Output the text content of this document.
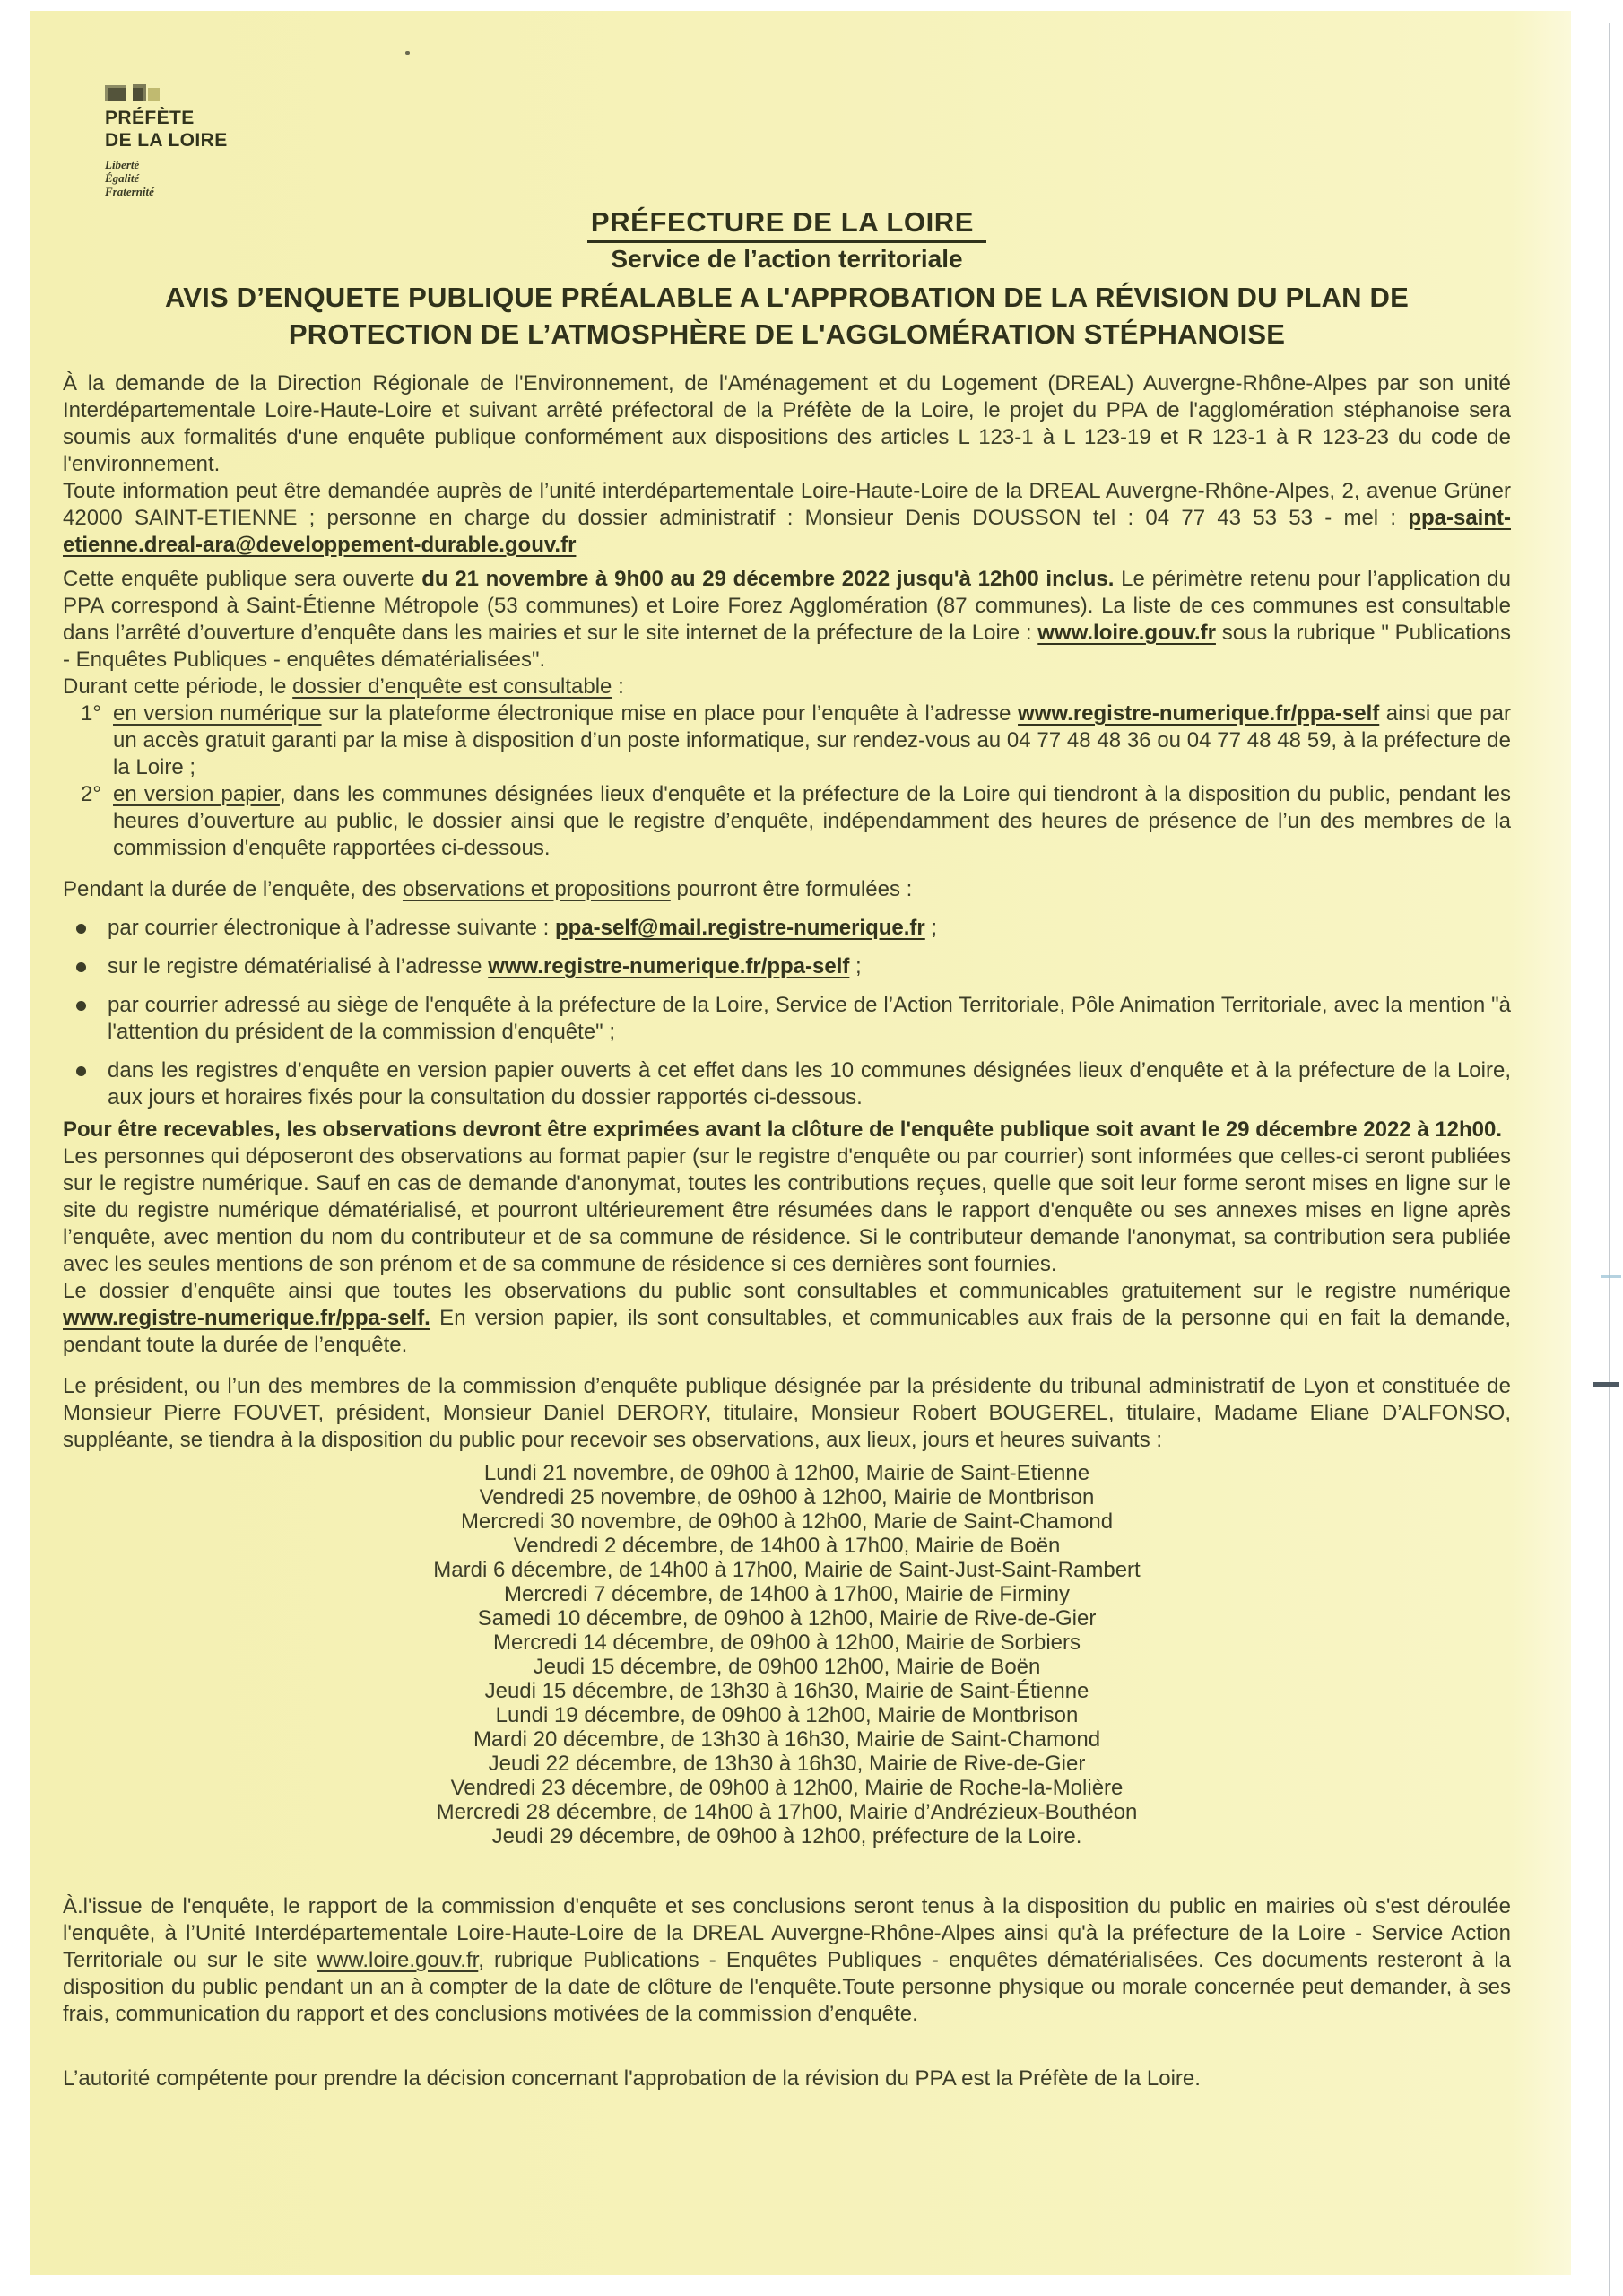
PRÉFÈTE
DE LA LOIRE
Liberté
Égalité
Fraternité
PRÉFECTURE DE LA LOIRE
Service de l’action territoriale
AVIS D’ENQUETE PUBLIQUE PRÉALABLE A L'APPROBATION DE LA RÉVISION DU PLAN DE
PROTECTION DE L’ATMOSPHÈRE DE L'AGGLOMÉRATION STÉPHANOISE
À la demande de la Direction Régionale de l'Environnement, de l'Aménagement et du Logement (DREAL) Auvergne-Rhône-Alpes par son unité Interdépartementale Loire-Haute-Loire et suivant arrêté préfectoral de la Préfète de la Loire, le projet du PPA de l'agglomération stéphanoise sera soumis aux formalités d'une enquête publique conformément aux dispositions des articles L 123-1 à L 123-19 et R 123-1 à R 123-23 du code de l'environnement.
Toute information peut être demandée auprès de l’unité interdépartementale Loire-Haute-Loire de la DREAL Auvergne-Rhône-Alpes, 2, avenue Grüner 42000 SAINT-ETIENNE ; personne en charge du dossier administratif : Monsieur Denis DOUSSON tel : 04 77 43 53 53 - mel : ppa-saint-etienne.dreal-ara@developpement-durable.gouv.fr
Cette enquête publique sera ouverte du 21 novembre à 9h00 au 29 décembre 2022 jusqu'à 12h00 inclus. Le périmètre retenu pour l’application du PPA correspond à Saint-Étienne Métropole (53 communes) et Loire Forez Agglomération (87 communes). La liste de ces communes est consultable dans l’arrêté d’ouverture d’enquête dans les mairies et sur le site internet de la préfecture de la Loire : www.loire.gouv.fr sous la rubrique " Publications - Enquêtes Publiques - enquêtes dématérialisées".
Durant cette période, le dossier d’enquête est consultable :
1° en version numérique sur la plateforme électronique mise en place pour l’enquête à l’adresse www.registre-numerique.fr/ppa-self ainsi que par un accès gratuit garanti par la mise à disposition d’un poste informatique, sur rendez-vous au 04 77 48 48 36 ou 04 77 48 48 59, à la préfecture de la Loire ;
2° en version papier, dans les communes désignées lieux d'enquête et la préfecture de la Loire qui tiendront à la disposition du public, pendant les heures d’ouverture au public, le dossier ainsi que le registre d’enquête, indépendamment des heures de présence de l’un des membres de la commission d'enquête rapportées ci-dessous.
Pendant la durée de l’enquête, des observations et propositions pourront être formulées :
par courrier électronique à l’adresse suivante : ppa-self@mail.registre-numerique.fr ;
sur le registre dématérialisé à l’adresse www.registre-numerique.fr/ppa-self ;
par courrier adressé au siège de l'enquête à la préfecture de la Loire, Service de l’Action Territoriale, Pôle Animation Territoriale, avec la mention "à l'attention du président de la commission d'enquête" ;
dans les registres d’enquête en version papier ouverts à cet effet dans les 10 communes désignées lieux d’enquête et à la préfecture de la Loire, aux jours et horaires fixés pour la consultation du dossier rapportés ci-dessous.
Pour être recevables, les observations devront être exprimées avant la clôture de l'enquête publique soit avant le 29 décembre 2022 à 12h00.
Les personnes qui déposeront des observations au format papier (sur le registre d'enquête ou par courrier) sont informées que celles-ci seront publiées sur le registre numérique. Sauf en cas de demande d'anonymat, toutes les contributions reçues, quelle que soit leur forme seront mises en ligne sur le site du registre numérique dématérialisé, et pourront ultérieurement être résumées dans le rapport d'enquête ou ses annexes mises en ligne après l’enquête, avec mention du nom du contributeur et de sa commune de résidence. Si le contributeur demande l'anonymat, sa contribution sera publiée avec les seules mentions de son prénom et de sa commune de résidence si ces dernières sont fournies.
Le dossier d’enquête ainsi que toutes les observations du public sont consultables et communicables gratuitement sur le registre numérique www.registre-numerique.fr/ppa-self. En version papier, ils sont consultables, et communicables aux frais de la personne qui en fait la demande, pendant toute la durée de l’enquête.
Le président, ou l’un des membres de la commission d’enquête publique désignée par la présidente du tribunal administratif de Lyon et constituée de Monsieur Pierre FOUVET, président, Monsieur Daniel DERORY, titulaire, Monsieur Robert BOUGEREL, titulaire, Madame Eliane D’ALFONSO, suppléante, se tiendra à la disposition du public pour recevoir ses observations, aux lieux, jours et heures suivants :
Lundi 21 novembre, de 09h00 à 12h00, Mairie de Saint-Etienne
Vendredi 25 novembre, de 09h00 à 12h00, Mairie de Montbrison
Mercredi 30 novembre, de 09h00 à 12h00, Marie de Saint-Chamond
Vendredi 2 décembre, de 14h00 à 17h00, Mairie de Boën
Mardi 6 décembre, de 14h00 à 17h00, Mairie de Saint-Just-Saint-Rambert
Mercredi 7 décembre, de 14h00 à 17h00, Mairie de Firminy
Samedi 10 décembre, de 09h00 à 12h00, Mairie de Rive-de-Gier
Mercredi 14 décembre, de 09h00 à 12h00, Mairie de Sorbiers
Jeudi 15 décembre, de 09h00 12h00, Mairie de Boën
Jeudi 15 décembre, de 13h30 à 16h30, Mairie de Saint-Étienne
Lundi 19 décembre, de 09h00 à 12h00, Mairie de Montbrison
Mardi 20 décembre, de 13h30 à 16h30, Mairie de Saint-Chamond
Jeudi 22 décembre, de 13h30 à 16h30, Mairie de Rive-de-Gier
Vendredi 23 décembre, de 09h00 à 12h00, Mairie de Roche-la-Molière
Mercredi 28 décembre, de 14h00 à 17h00, Mairie d’Andrézieux-Bouthéon
Jeudi 29 décembre, de 09h00 à 12h00, préfecture de la Loire.
À.l'issue de l'enquête, le rapport de la commission d'enquête et ses conclusions seront tenus à la disposition du public en mairies où s'est déroulée l'enquête, à l’Unité Interdépartementale Loire-Haute-Loire de la DREAL Auvergne-Rhône-Alpes ainsi qu'à la préfecture de la Loire - Service Action Territoriale ou sur le site www.loire.gouv.fr, rubrique Publications - Enquêtes Publiques - enquêtes dématérialisées. Ces documents resteront à la disposition du public pendant un an à compter de la date de clôture de l'enquête.Toute personne physique ou morale concernée peut demander, à ses frais, communication du rapport et des conclusions motivées de la commission d’enquête.
L’autorité compétente pour prendre la décision concernant l'approbation de la révision du PPA est la Préfète de la Loire.
